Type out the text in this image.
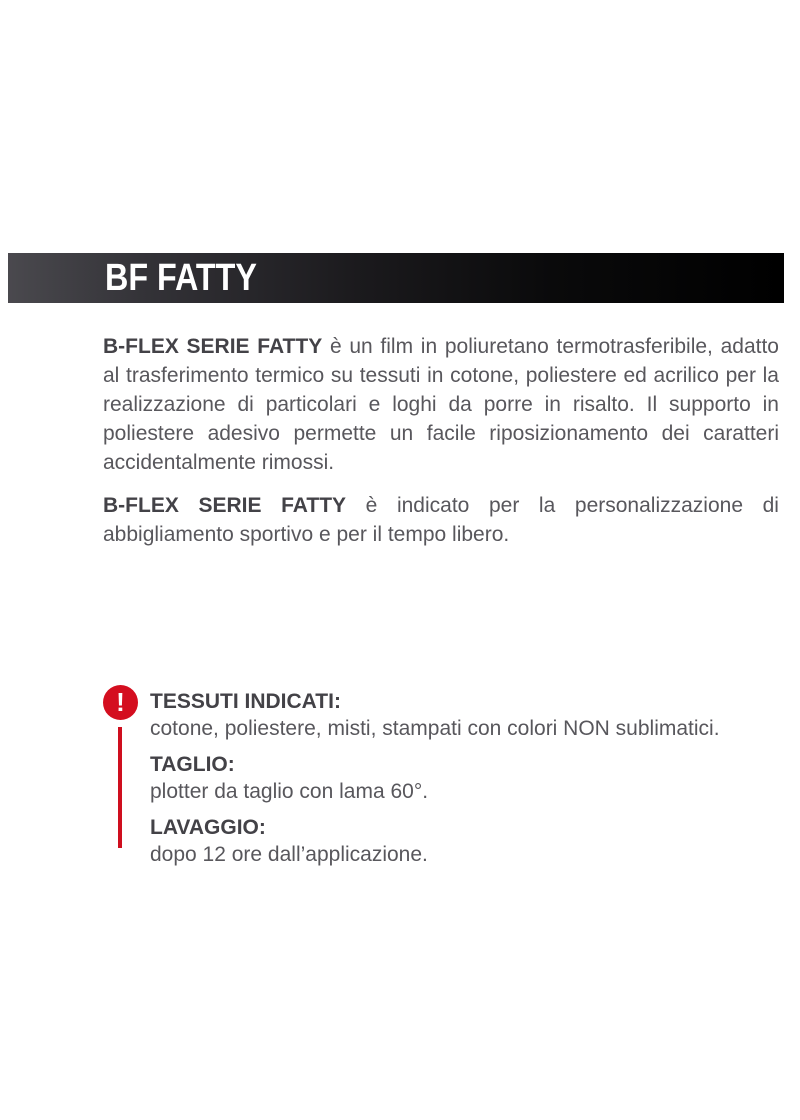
BF FATTY

B-FLEX SERIE FATTY è un film in poliuretano termotrasferibile, adatto al trasferimento termico su tessuti in cotone, poliestere ed acrilico per la realizzazione di particolari e loghi da porre in risalto. Il supporto in poliestere adesivo permette un facile riposizionamento dei caratteri accidentalmente rimossi.

B-FLEX SERIE FATTY è indicato per la personalizzazione di abbigliamento sportivo e per il tempo libero.

! TESSUTI INDICATI:
cotone, poliestere, misti, stampati con colori NON sublimatici.
TAGLIO:
plotter da taglio con lama 60°.
LAVAGGIO:
dopo 12 ore dall’applicazione.
